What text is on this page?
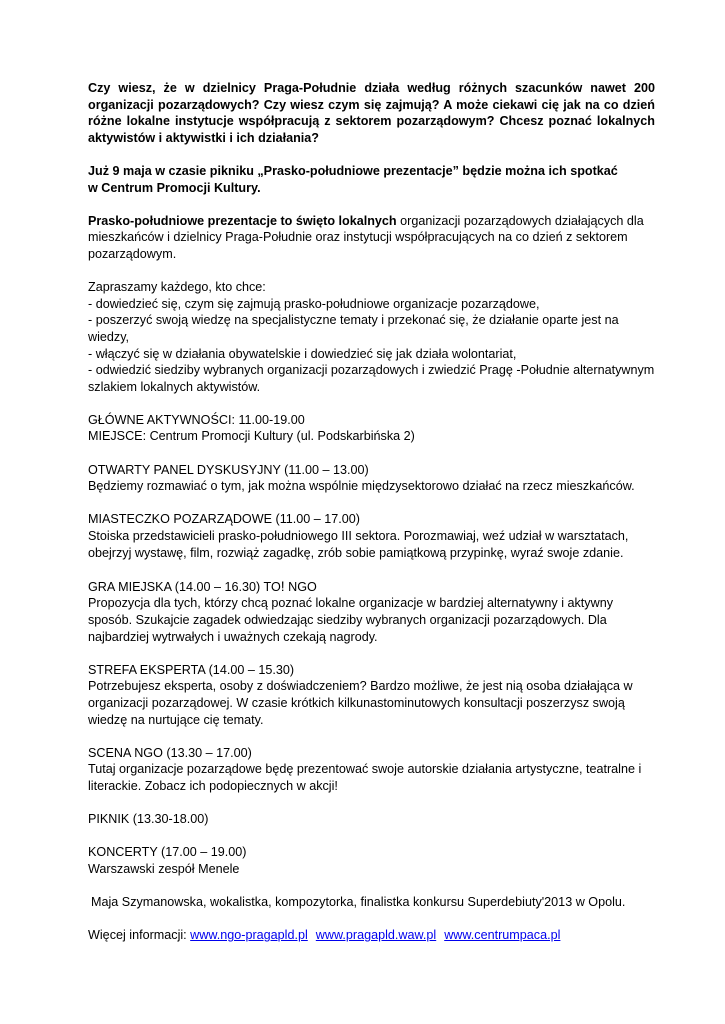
Czy wiesz, że w dzielnicy Praga-Południe działa według różnych szacunków nawet 200 organizacji pozarządowych? Czy wiesz czym się zajmują? A może ciekawi cię jak na co dzień różne lokalne instytucje współpracują z sektorem pozarządowym? Chcesz poznać lokalnych aktywistów i aktywistki i ich działania?

Już 9 maja w czasie pikniku „Prasko-południowe prezentacje” będzie można ich spotkać
w Centrum Promocji Kultury.

Prasko-południowe prezentacje to święto lokalnych organizacji pozarządowych działających dla mieszkańców i dzielnicy Praga-Południe oraz instytucji współpracujących na co dzień z sektorem pozarządowym.

Zapraszamy każdego, kto chce:
- dowiedzieć się, czym się zajmują prasko-południowe organizacje pozarządowe,
- poszerzyć swoją wiedzę na specjalistyczne tematy i przekonać się, że działanie oparte jest na wiedzy,
- włączyć się w działania obywatelskie i dowiedzieć się jak działa wolontariat,
- odwiedzić siedziby wybranych organizacji pozarządowych i zwiedzić Pragę -Południe alternatywnym szlakiem lokalnych aktywistów.

GŁÓWNE AKTYWNOŚCI: 11.00-19.00
MIEJSCE: Centrum Promocji Kultury (ul. Podskarbińska 2)

OTWARTY PANEL DYSKUSYJNY (11.00 – 13.00)
Będziemy rozmawiać o tym, jak można wspólnie międzysektorowo działać na rzecz mieszkańców.

MIASTECZKO POZARZĄDOWE (11.00 – 17.00)
Stoiska przedstawicieli prasko-południowego III sektora. Porozmawiaj, weź udział w warsztatach, obejrzyj wystawę, film, rozwiąż zagadkę, zrób sobie pamiątkową przypinkę, wyraź swoje zdanie.

GRA MIEJSKA (14.00 – 16.30) TO! NGO
Propozycja dla tych, którzy chcą poznać lokalne organizacje w bardziej alternatywny i aktywny sposób. Szukajcie zagadek odwiedzając siedziby wybranych organizacji pozarządowych. Dla najbardziej wytrwałych i uważnych czekają nagrody.

STREFA EKSPERTA (14.00 – 15.30)
Potrzebujesz eksperta, osoby z doświadczeniem? Bardzo możliwe, że jest nią osoba działająca w organizacji pozarządowej. W czasie krótkich kilkunastominutowych konsultacji poszerzysz swoją wiedzę na nurtujące cię tematy.

SCENA NGO (13.30 – 17.00)
Tutaj organizacje pozarządowe będę prezentować swoje autorskie działania artystyczne, teatralne i literackie. Zobacz ich podopiecznych w akcji!

PIKNIK (13.30-18.00)

KONCERTY (17.00 – 19.00)
Warszawski zespół Menele

Maja Szymanowska, wokalistka, kompozytorka, finalistka konkursu Superdebiuty'2013 w Opolu.

Więcej informacji: www.ngo-pragapld.pl www.pragapld.waw.pl www.centrumpaca.pl
